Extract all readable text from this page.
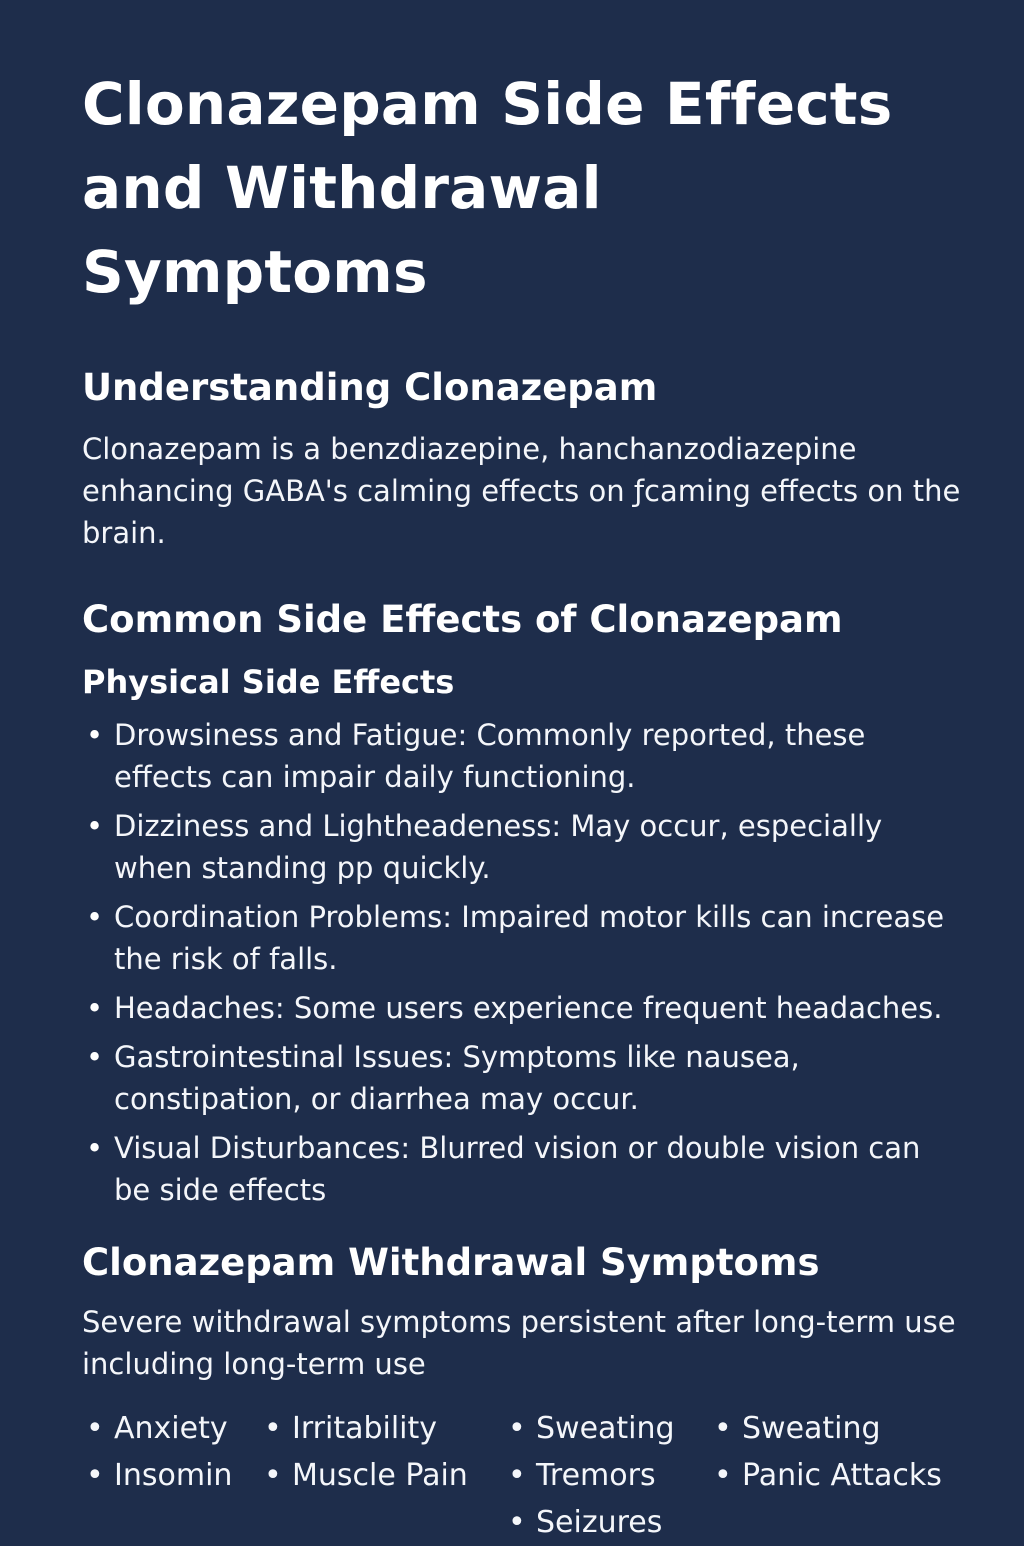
Clonazepam Side Effects and Withdrawal Symptoms
Understanding Clonazepam

Clonazepam is a benzdiazepine, hanchanzodiazepine enhancing GABA's calming effects on ƒcaming effects on the brain.

Common Side Effects of Clonazepam
Physical Side Effects
• Drowsiness and Fatigue: Commonly reported, these effects can impair daily functioning.
• Dizziness and Lightheadeness: May occur, especially when standing pp quickly.
• Coordination Problems: Impaired motor kills can increase the risk of falls.
• Headaches: Some users experience frequent headaches.
• Gastrointestinal Issues: Symptoms like nausea, constipation, or diarrhea may occur.
• Visual Disturbances: Blurred vision or double vision can be side effects
Clonazepam Withdrawal Symptoms

Severe withdrawal symptoms persistent after long-term use including long-term use

• Anxiety	• Irritability	• Sweating	• Sweating
• Insomin	• Muscle Pain	• Tremors	• Panic Attacks
• Seizures
